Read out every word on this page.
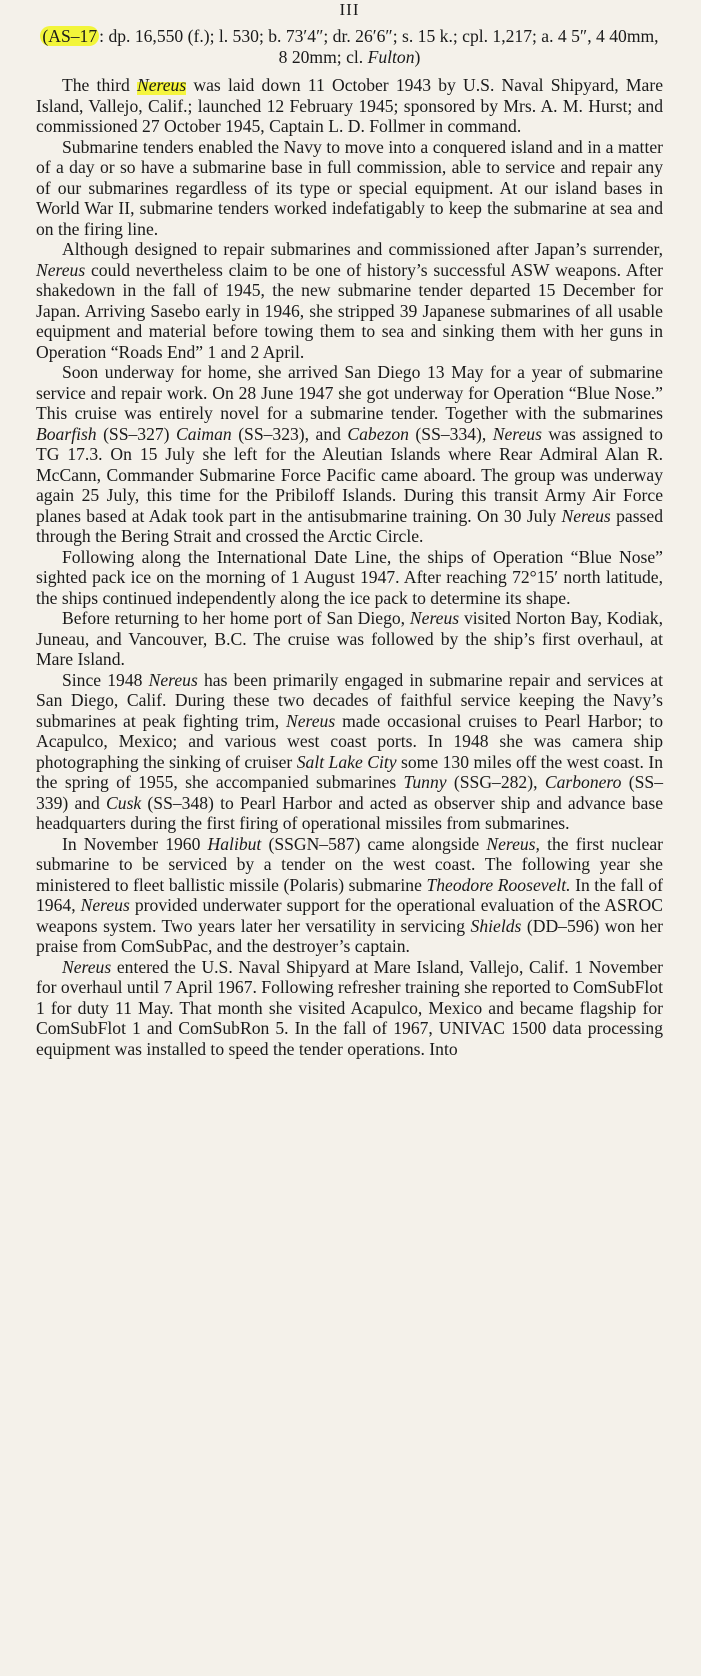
III
(AS–17 : dp. 16,550 (f.); l. 530; b. 73′4″; dr. 26′6″; s. 15 k.; cpl. 1,217; a. 4 5″, 4 40mm, 8 20mm; cl. Fulton)

The third Nereus was laid down 11 October 1943 by U.S. Naval Shipyard, Mare Island, Vallejo, Calif.; launched 12 February 1945; sponsored by Mrs. A. M. Hurst; and commissioned 27 October 1945, Captain L. D. Follmer in command.

Submarine tenders enabled the Navy to move into a conquered island and in a matter of a day or so have a submarine base in full commission, able to service and repair any of our submarines regardless of its type or special equipment. At our island bases in World War II, submarine tenders worked indefatigably to keep the submarine at sea and on the firing line.

Although designed to repair submarines and commissioned after Japan’s surrender, Nereus could nevertheless claim to be one of history’s successful ASW weapons. After shakedown in the fall of 1945, the new submarine tender departed 15 December for Japan. Arriving Sasebo early in 1946, she stripped 39 Japanese submarines of all usable equipment and material before towing them to sea and sinking them with her guns in Operation “Roads End” 1 and 2 April.

Soon underway for home, she arrived San Diego 13 May for a year of submarine service and repair work. On 28 June 1947 she got underway for Operation “Blue Nose.” This cruise was entirely novel for a submarine tender. Together with the submarines Boarfish (SS–327) Caiman (SS–323), and Cabezon (SS–334), Nereus was assigned to TG 17.3. On 15 July she left for the Aleutian Islands where Rear Admiral Alan R. McCann, Commander Submarine Force Pacific came aboard. The group was underway again 25 July, this time for the Pribiloff Islands. During this transit Army Air Force planes based at Adak took part in the antisubmarine training. On 30 July Nereus passed through the Bering Strait and crossed the Arctic Circle.

Following along the International Date Line, the ships of Operation “Blue Nose” sighted pack ice on the morning of 1 August 1947. After reaching 72°15′ north latitude, the ships continued independently along the ice pack to determine its shape.

Before returning to her home port of San Diego, Nereus visited Norton Bay, Kodiak, Juneau, and Vancouver, B.C. The cruise was followed by the ship’s first overhaul, at Mare Island.

Since 1948 Nereus has been primarily engaged in submarine repair and services at San Diego, Calif. During these two decades of faithful service keeping the Navy’s submarines at peak fighting trim, Nereus made occasional cruises to Pearl Harbor; to Acapulco, Mexico; and various west coast ports. In 1948 she was camera ship photographing the sinking of cruiser Salt Lake City some 130 miles off the west coast. In the spring of 1955, she accompanied submarines Tunny (SSG–282), Carbonero (SS–339) and Cusk (SS–348) to Pearl Harbor and acted as observer ship and advance base headquarters during the first firing of operational missiles from submarines.

In November 1960 Halibut (SSGN–587) came alongside Nereus, the first nuclear submarine to be serviced by a tender on the west coast. The following year she ministered to fleet ballistic missile (Polaris) submarine Theodore Roosevelt. In the fall of 1964, Nereus provided underwater support for the operational evaluation of the ASROC weapons system. Two years later her versatility in servicing Shields (DD–596) won her praise from ComSubPac, and the destroyer’s captain.

Nereus entered the U.S. Naval Shipyard at Mare Island, Vallejo, Calif. 1 November for overhaul until 7 April 1967. Following refresher training she reported to ComSubFlot 1 for duty 11 May. That month she visited Acapulco, Mexico and became flagship for ComSubFlot 1 and ComSubRon 5. In the fall of 1967, UNIVAC 1500 data processing equipment was installed to speed the tender operations. Into
